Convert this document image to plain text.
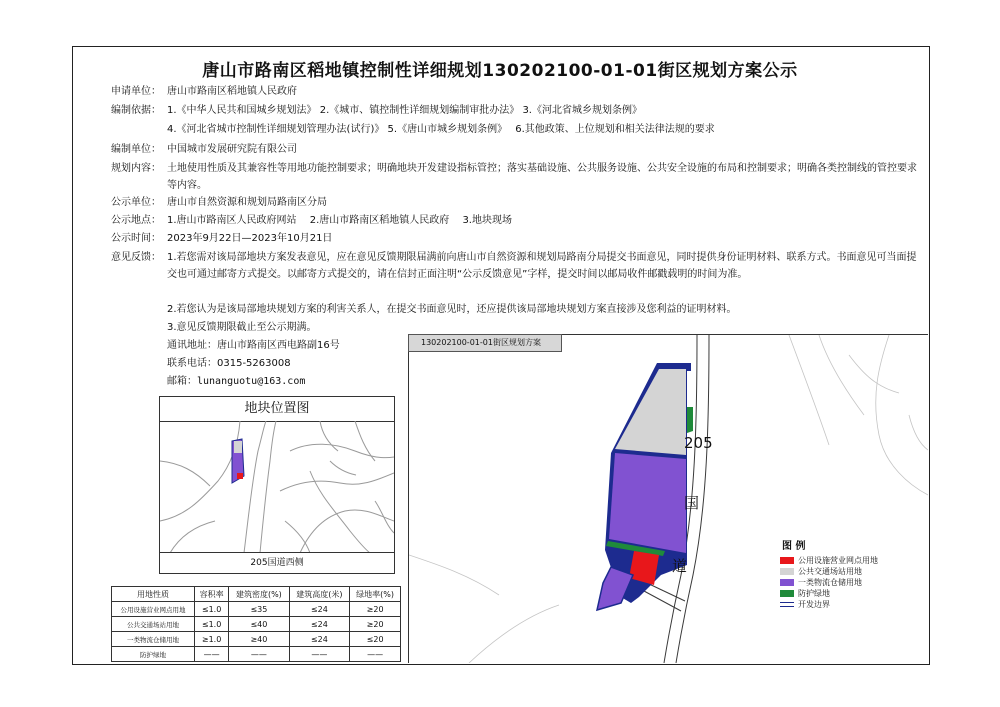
唐山市路南区稻地镇控制性详细规划130202100-01-01街区规划方案公示
申请单位： 唐山市路南区稻地镇人民政府
编制依据： 1.《中华人民共和国城乡规划法》 2.《城市、镇控制性详细规划编制审批办法》 3.《河北省城乡规划条例》
4.《河北省城市控制性详细规划管理办法(试行)》 5.《唐山市城乡规划条例》　 6.其他政策、上位规划和相关法律法规的要求
编制单位： 中国城市发展研究院有限公司
规划内容： 土地使用性质及其兼容性等用地功能控制要求；明确地块开发建设指标管控；落实基础设施、公共服务设施、公共安全设施的布局和控制要求；明确各类控制线的管控要求等内容。
公示单位： 唐山市自然资源和规划局路南区分局
公示地点： 1.唐山市路南区人民政府网站　 2.唐山市路南区稻地镇人民政府　 3.地块现场
公示时间： 2023年9月22日—2023年10月21日
意见反馈： 1.若您需对该局部地块方案发表意见，应在意见反馈期限届满前向唐山市自然资源和规划局路南分局提交书面意见，同时提供身份证明材料、联系方式。书面意见可当面提交也可通过邮寄方式提交。以邮寄方式提交的，请在信封正面注明“公示反馈意见”字样，提交时间以邮局收件邮戳载明的时间为准。
2.若您认为是该局部地块规划方案的利害关系人，在提交书面意见时，还应提供该局部地块规划方案直接涉及您利益的证明材料。
3.意见反馈期限截止至公示期满。
通讯地址：唐山市路南区西电路副16号
联系电话：0315-5263008
邮箱：lunanguotu@163.com
地块位置图
205国道西侧
用地性质	容积率	建筑密度(%)	建筑高度(米)	绿地率(%)
公用设施营业网点用地	≤1.0	≤35	≤24	≥20
公共交通场站用地	≤1.0	≤40	≤24	≥20
一类物流仓储用地	≥1.0	≥40	≤24	≤20
防护绿地	——	——	——	——
130202100-01-01街区规划方案
205
国
道
图 例
公用设施营业网点用地
公共交通场站用地
一类物流仓储用地
防护绿地
开发边界
